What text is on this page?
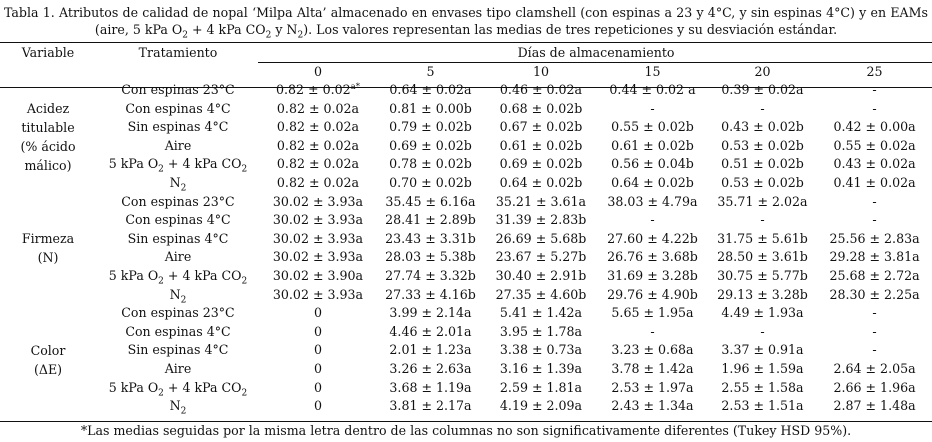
Tabla 1. Atributos de calidad de nopal ‘Milpa Alta’ almacenado en envases tipo clamshell (con espinas a 23 y 4°C, y sin espinas 4°C) y en EAMs (aire, 5 kPa $O_2 + 4$ kPa $CO_2$ y $N_2$). Los valores representan las medias de tres repeticiones y su desviación estándar.
Variable	Tratamiento	Días de almacenamiento					
		0	5	10	15	20	25

Acidez
titulable
(% ácido
málico)	Con espinas 23°C	$0.82 \pm 0.02^{a*}$	0.64 ± 0.02a	0.46 ± 0.02a	0.44 ± 0.02 a	0.39 ± 0.02a	-
	Con espinas 4°C	0.82 ± 0.02a	0.81 ± 0.00b	0.68 ± 0.02b	-	-	-
	Sin espinas 4°C	0.82 ± 0.02a	0.79 ± 0.02b	0.67 ± 0.02b	0.55 ± 0.02b	0.43 ± 0.02b	0.42 ± 0.00a
	Aire	0.82 ± 0.02a	0.69 ± 0.02b	0.61 ± 0.02b	0.61 ± 0.02b	0.53 ± 0.02b	0.55 ± 0.02a
	5 kPa $O_2 + 4$ kPa $CO_2$	0.82 ± 0.02a	0.78 ± 0.02b	0.69 ± 0.02b	0.56 ± 0.04b	0.51 ± 0.02b	0.43 ± 0.02a
	$N_2$	0.82 ± 0.02a	0.70 ± 0.02b	0.64 ± 0.02b	0.64 ± 0.02b	0.53 ± 0.02b	0.41 ± 0.02a

Firmeza
(N)	Con espinas 23°C	30.02 ± 3.93a	35.45 ± 6.16a	35.21 ± 3.61a	38.03 ± 4.79a	35.71 ± 2.02a	-
	Con espinas 4°C	30.02 ± 3.93a	28.41 ± 2.89b	31.39 ± 2.83b	-	-	-
	Sin espinas 4°C	30.02 ± 3.93a	23.43 ± 3.31b	26.69 ± 5.68b	27.60 ± 4.22b	31.75 ± 5.61b	25.56 ± 2.83a
	Aire	30.02 ± 3.93a	28.03 ± 5.38b	23.67 ± 5.27b	26.76 ± 3.68b	28.50 ± 3.61b	29.28 ± 3.81a
	5 kPa $O_2 + 4$ kPa $CO_2$	30.02 ± 3.90a	27.74 ± 3.32b	30.40 ± 2.91b	31.69 ± 3.28b	30.75 ± 5.77b	25.68 ± 2.72a
	$N_2$	30.02 ± 3.93a	27.33 ± 4.16b	27.35 ± 4.60b	29.76 ± 4.90b	29.13 ± 3.28b	28.30 ± 2.25a

Color
(ΔE)	Con espinas 23°C	0	3.99 ± 2.14a	5.41 ± 1.42a	5.65 ± 1.95a	4.49 ± 1.93a	-
	Con espinas 4°C	0	4.46 ± 2.01a	3.95 ± 1.78a	-	-	-
	Sin espinas 4°C	0	2.01 ± 1.23a	3.38 ± 0.73a	3.23 ± 0.68a	3.37 ± 0.91a	-
	Aire	0	3.26 ± 2.63a	3.16 ± 1.39a	3.78 ± 1.42a	1.96 ± 1.59a	2.64 ± 2.05a
	5 kPa $O_2 + 4$ kPa $CO_2$	0	3.68 ± 1.19a	2.59 ± 1.81a	2.53 ± 1.97a	2.55 ± 1.58a	2.66 ± 1.96a
	$N_2$	0	3.81 ± 2.17a	4.19 ± 2.09a	2.43 ± 1.34a	2.53 ± 1.51a	2.87 ± 1.48a
*Las medias seguidas por la misma letra dentro de las columnas no son significativamente diferentes (Tukey HSD 95%).
